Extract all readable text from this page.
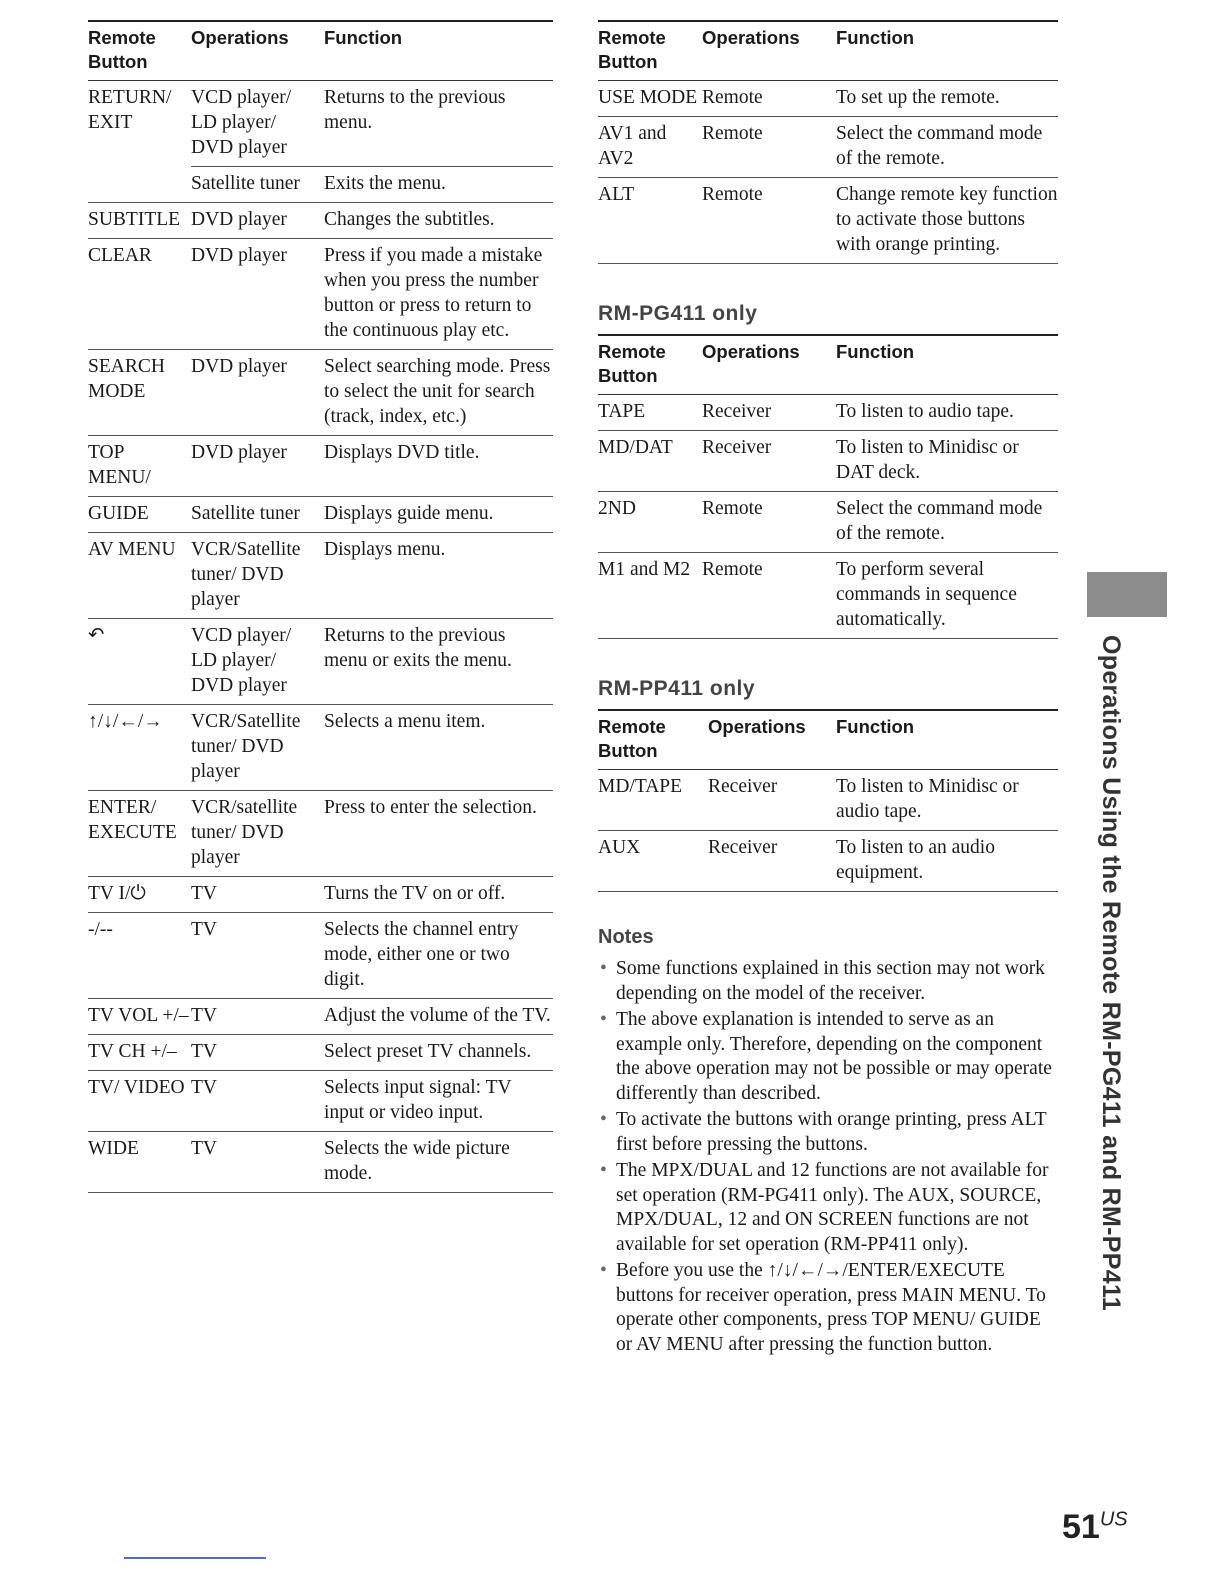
Remote Button	Operations	Function
RETURN/ EXIT	VCD player/ LD player/ DVD player	Returns to the previous menu.
	Satellite tuner	Exits the menu.
SUBTITLE	DVD player	Changes the subtitles.
CLEAR	DVD player	Press if you made a mistake when you press the number button or press to return to the continuous play etc.
SEARCH MODE	DVD player	Select searching mode. Press to select the unit for search (track, index, etc.)
TOP MENU/	DVD player	Displays DVD title.
GUIDE	Satellite tuner	Displays guide menu.
AV MENU	VCR/Satellite tuner/ DVD player	Displays menu.
↶	VCD player/ LD player/ DVD player	Returns to the previous menu or exits the menu.
↑/↓/←/→	VCR/Satellite tuner/ DVD player	Selects a menu item.
ENTER/ EXECUTE	VCR/satellite tuner/ DVD player	Press to enter the selection.
TV I/⏻	TV	Turns the TV on or off.
-/--	TV	Selects the channel entry mode, either one or two digit.
TV VOL +/–	TV	Adjust the volume of the TV.
TV CH +/–	TV	Select preset TV channels.
TV/ VIDEO	TV	Selects input signal: TV input or video input.
WIDE	TV	Selects the wide picture mode.
Remote Button	Operations	Function
USE MODE	Remote	To set up the remote.
AV1 and AV2	Remote	Select the command mode of the remote.
ALT	Remote	Change remote key function to activate those buttons with orange printing.
RM-PG411 only
Remote Button	Operations	Function
TAPE	Receiver	To listen to audio tape.
MD/DAT	Receiver	To listen to Minidisc or DAT deck.
2ND	Remote	Select the command mode of the remote.
M1 and M2	Remote	To perform several commands in sequence automatically.
RM-PP411 only
Remote Button	Operations	Function
MD/TAPE	Receiver	To listen to Minidisc or audio tape.
AUX	Receiver	To listen to an audio equipment.
Notes
• Some functions explained in this section may not work depending on the model of the receiver.
• The above explanation is intended to serve as an example only. Therefore, depending on the component the above operation may not be possible or may operate differently than described.
• To activate the buttons with orange printing, press ALT first before pressing the buttons.
• The MPX/DUAL and 12 functions are not available for set operation (RM-PG411 only). The AUX, SOURCE, MPX/DUAL, 12 and ON SCREEN functions are not available for set operation (RM-PP411 only).
• Before you use the ↑/↓/←/→/ENTER/EXECUTE buttons for receiver operation, press MAIN MENU. To operate other components, press TOP MENU/ GUIDE or AV MENU after pressing the function button.
Operations Using the Remote RM-PG411 and RM-PP411
$51^{US}$
